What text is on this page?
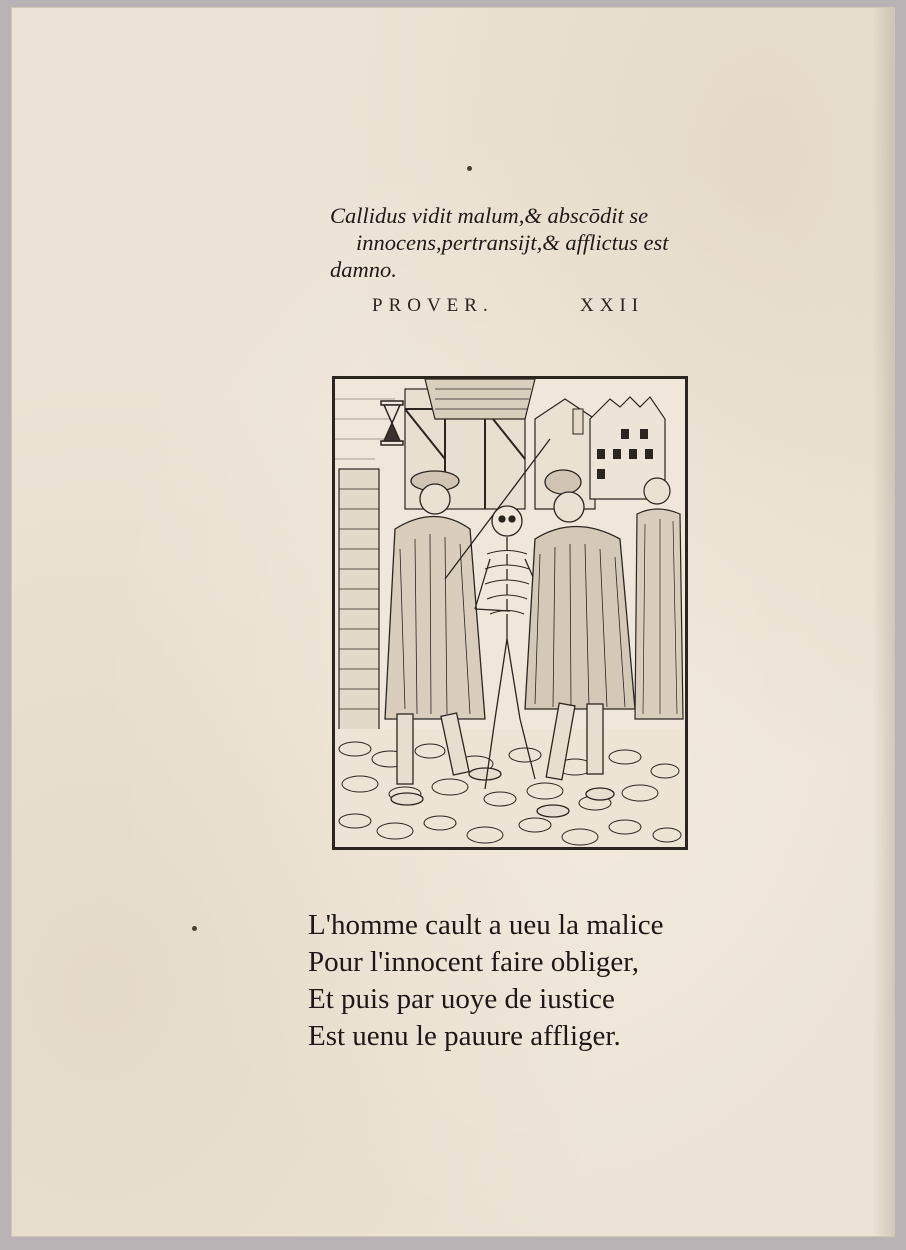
Callidus vidit malum,& abscōdit se
innocens,pertransijt,& afflictus est
damno.
PROVER.	XXII
L'homme cault a ueu la malice
Pour l'innocent faire obliger,
Et puis par uoye de iustice
Est uenu le pauure affliger.
